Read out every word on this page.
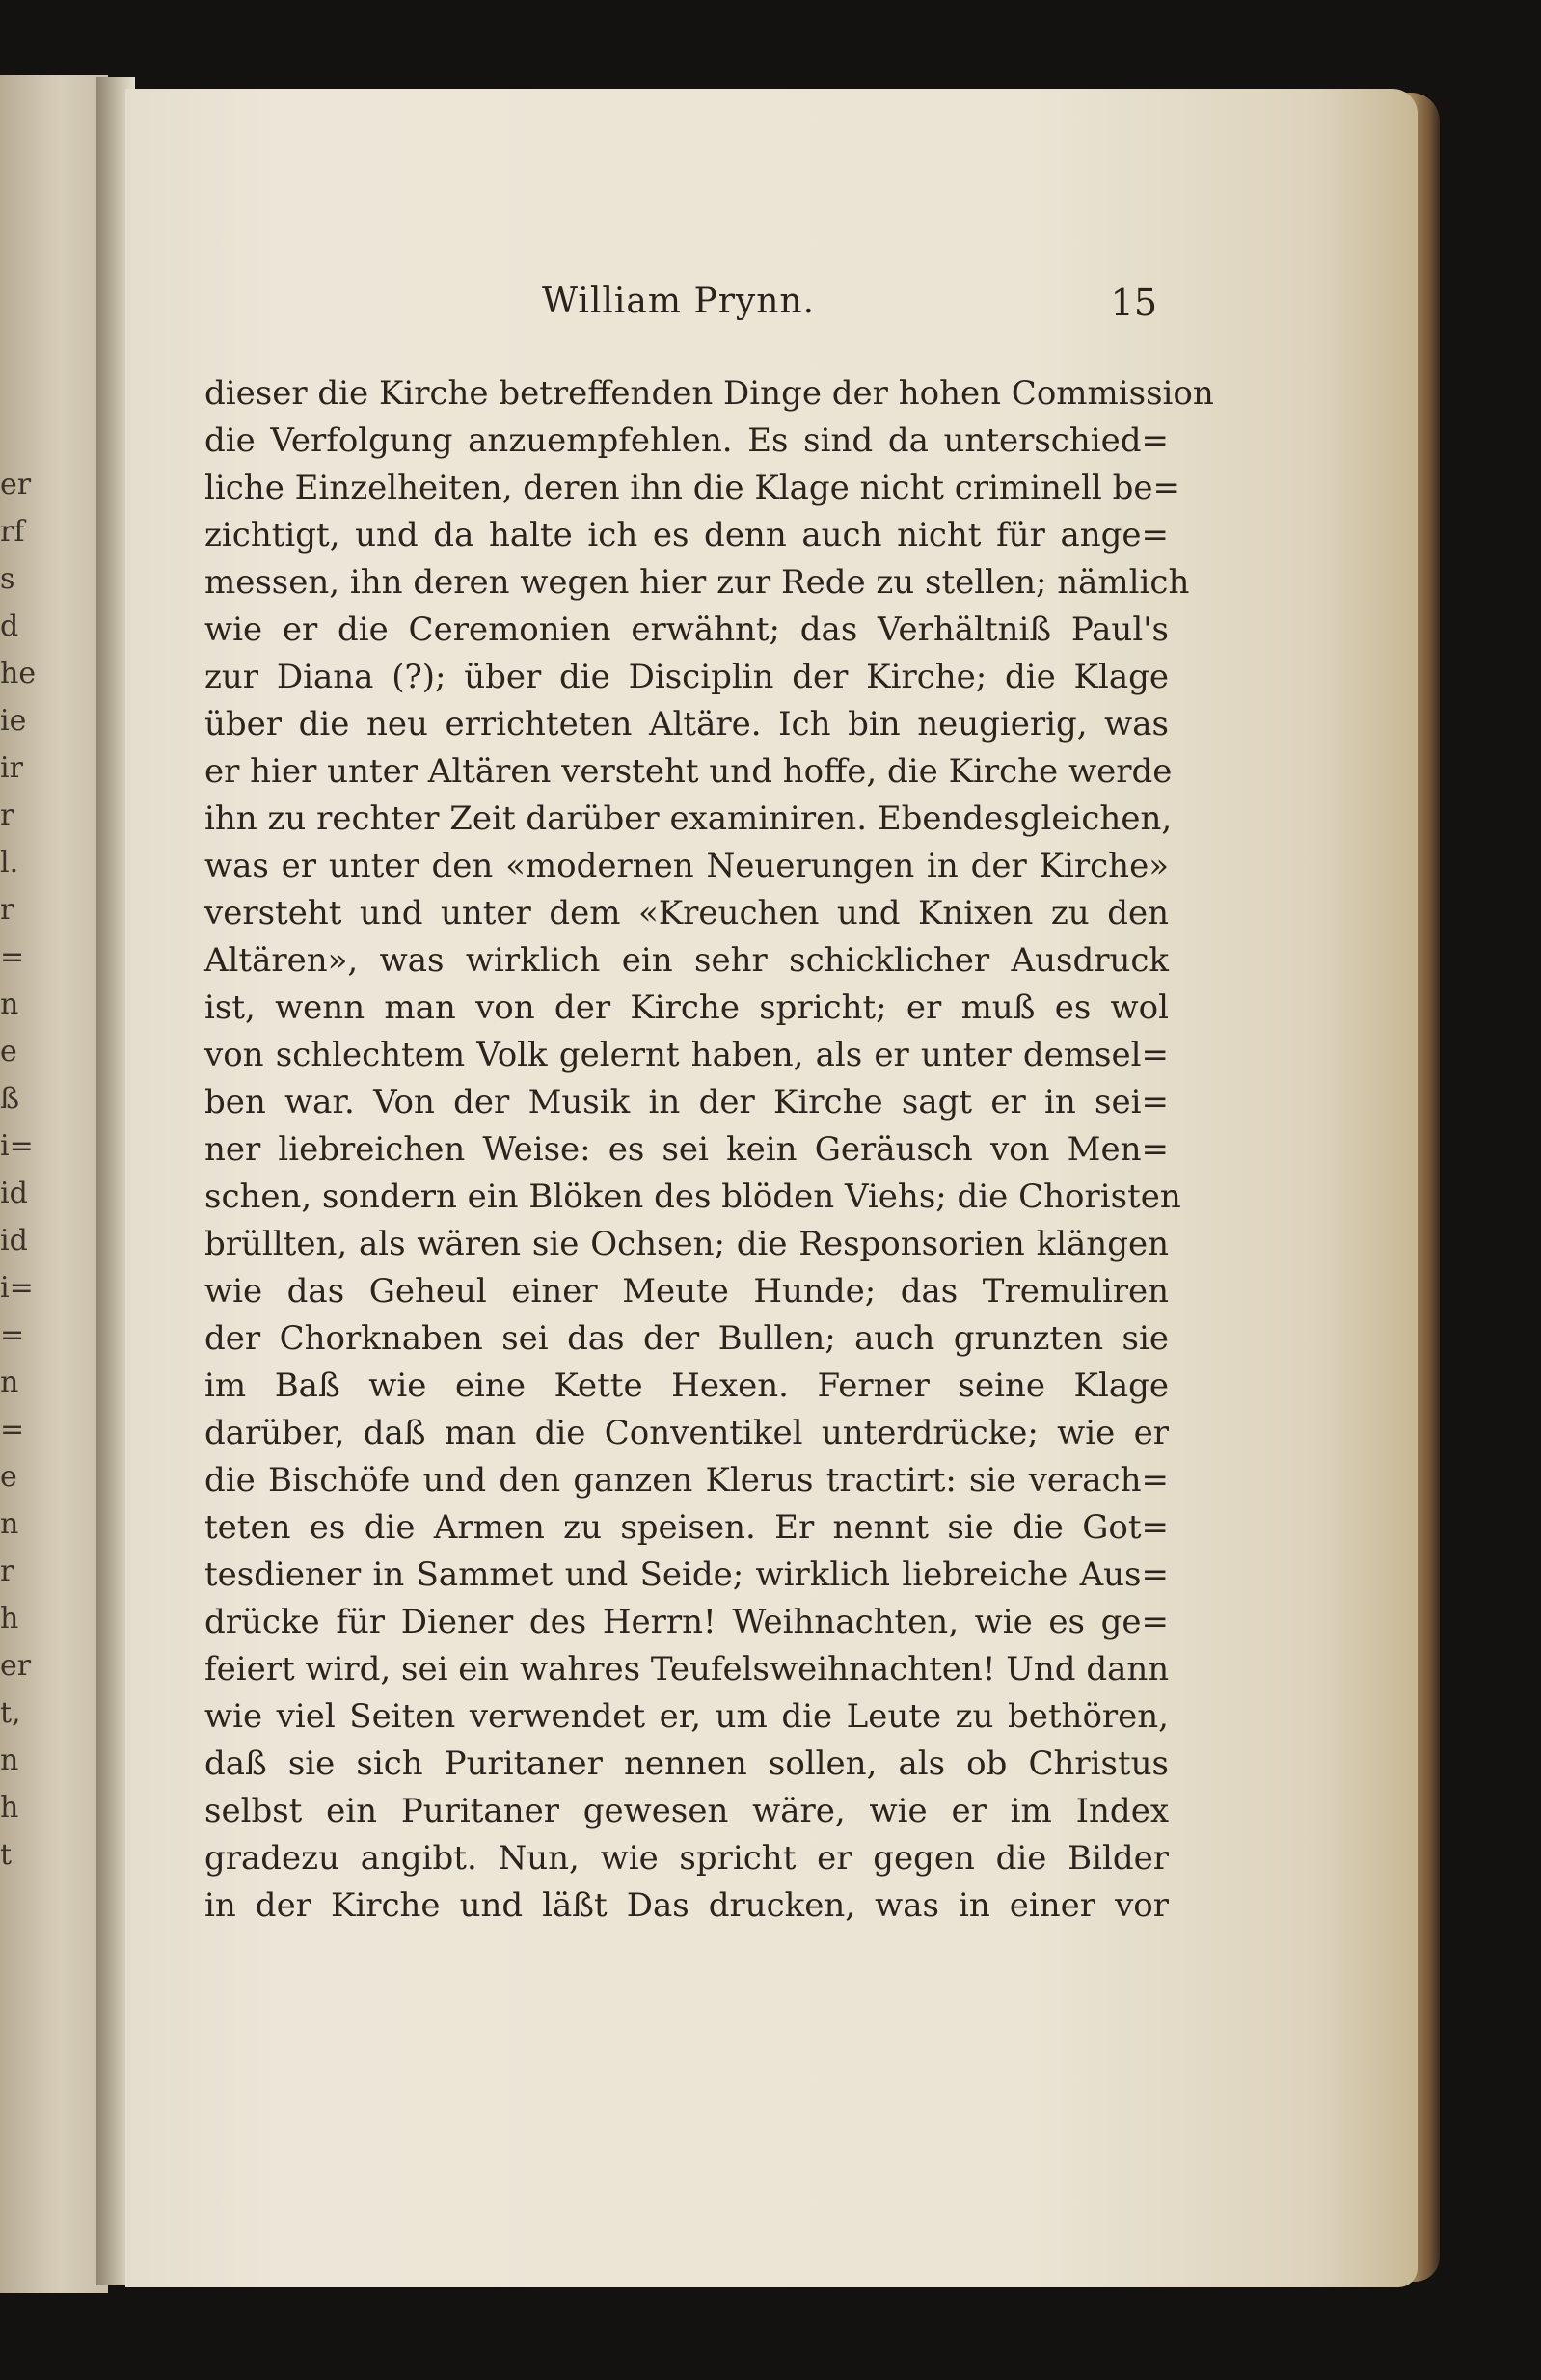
er
rf
s
d
he
ie
ir
r
l.
r
=
n
e
ß
i=
id
id
i=
=
n
=
e
n
r
h
er
t,
n
h
t
William Prynn.	15
dieser die Kirche betreffenden Dinge der hohen Commission
die Verfolgung anzuempfehlen. Es sind da unterschied=
liche Einzelheiten, deren ihn die Klage nicht criminell be=
zichtigt, und da halte ich es denn auch nicht für ange=
messen, ihn deren wegen hier zur Rede zu stellen; nämlich
wie er die Ceremonien erwähnt; das Verhältniß Paul's
zur Diana (?); über die Disciplin der Kirche; die Klage
über die neu errichteten Altäre. Ich bin neugierig, was
er hier unter Altären versteht und hoffe, die Kirche werde
ihn zu rechter Zeit darüber examiniren. Ebendesgleichen,
was er unter den «modernen Neuerungen in der Kirche»
versteht und unter dem «Kreuchen und Knixen zu den
Altären», was wirklich ein sehr schicklicher Ausdruck
ist, wenn man von der Kirche spricht; er muß es wol
von schlechtem Volk gelernt haben, als er unter demsel=
ben war. Von der Musik in der Kirche sagt er in sei=
ner liebreichen Weise: es sei kein Geräusch von Men=
schen, sondern ein Blöken des blöden Viehs; die Choristen
brüllten, als wären sie Ochsen; die Responsorien klängen
wie das Geheul einer Meute Hunde; das Tremuliren
der Chorknaben sei das der Bullen; auch grunzten sie
im Baß wie eine Kette Hexen. Ferner seine Klage
darüber, daß man die Conventikel unterdrücke; wie er
die Bischöfe und den ganzen Klerus tractirt: sie verach=
teten es die Armen zu speisen. Er nennt sie die Got=
tesdiener in Sammet und Seide; wirklich liebreiche Aus=
drücke für Diener des Herrn! Weihnachten, wie es ge=
feiert wird, sei ein wahres Teufelsweihnachten! Und dann
wie viel Seiten verwendet er, um die Leute zu bethören,
daß sie sich Puritaner nennen sollen, als ob Christus
selbst ein Puritaner gewesen wäre, wie er im Index
gradezu angibt. Nun, wie spricht er gegen die Bilder
in der Kirche und läßt Das drucken, was in einer vor
